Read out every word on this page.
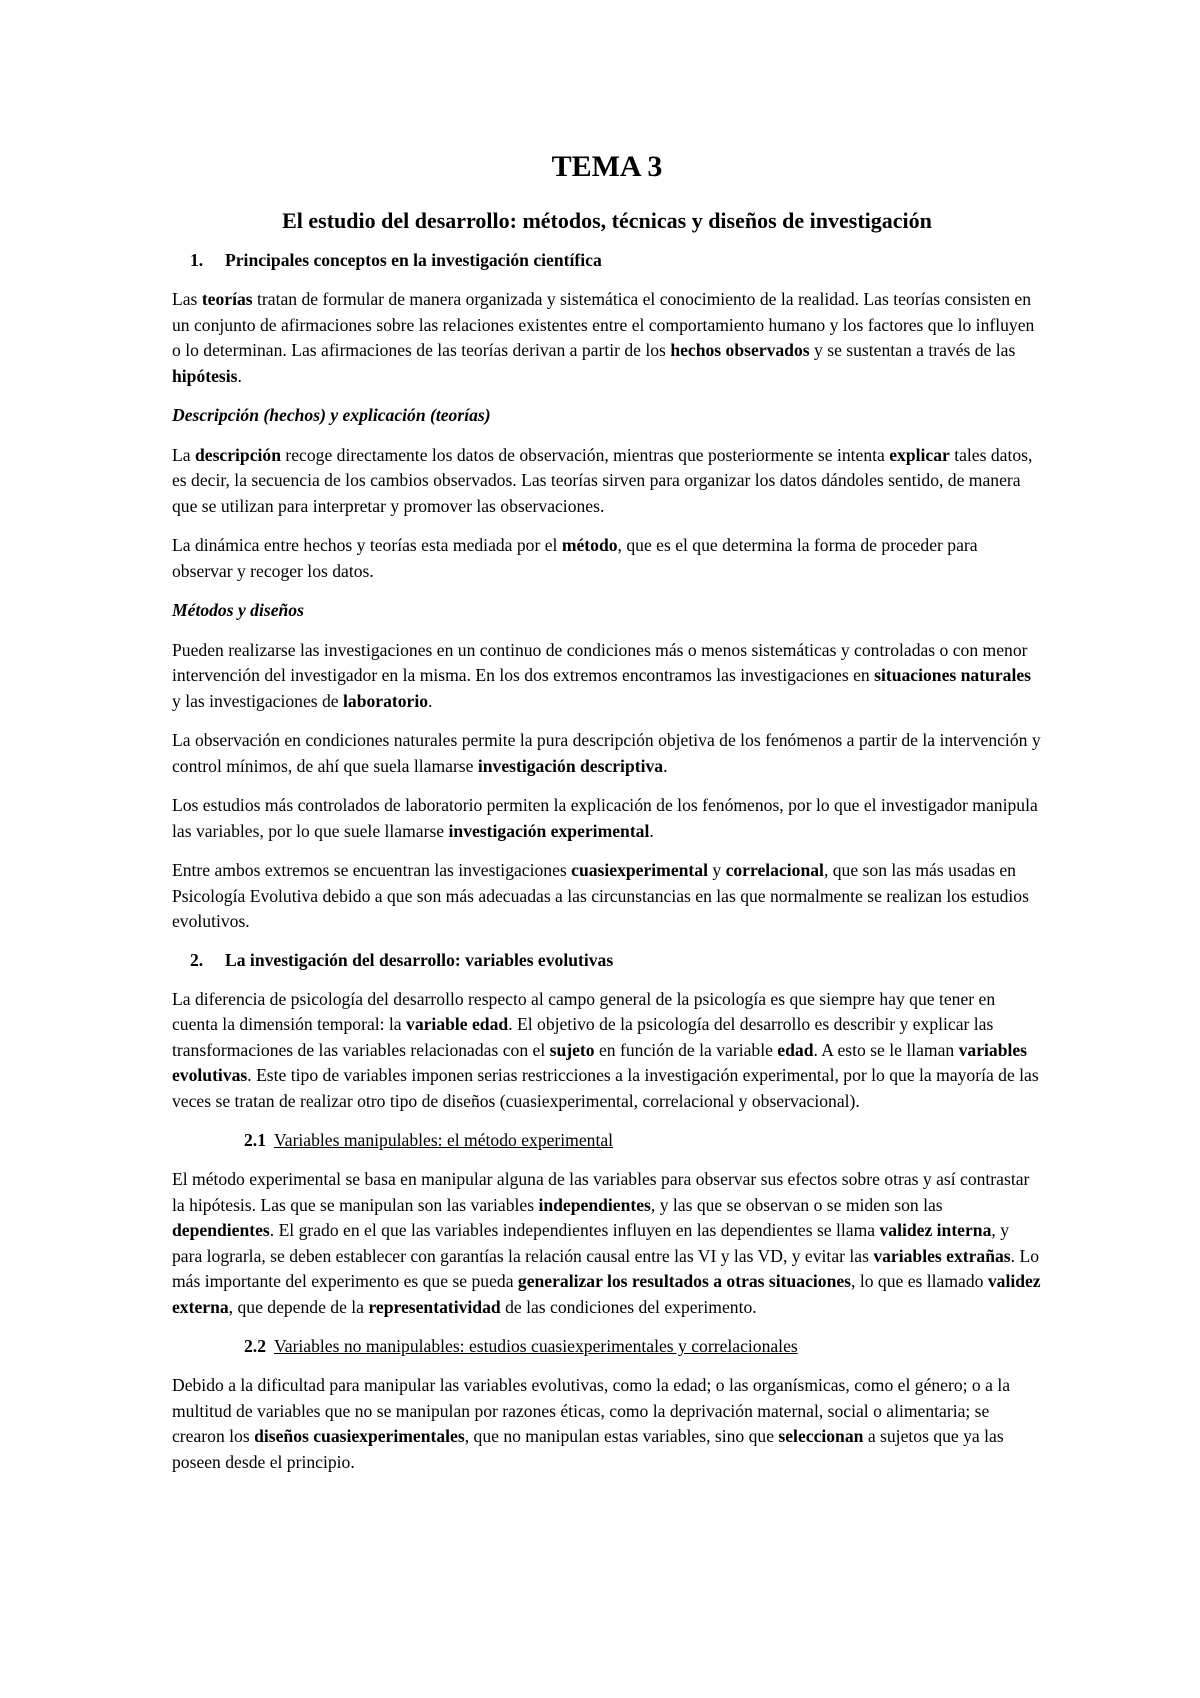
TEMA 3
El estudio del desarrollo: métodos, técnicas y diseños de investigación
1. Principales conceptos en la investigación científica

Las teorías tratan de formular de manera organizada y sistemática el conocimiento de la realidad. Las teorías consisten en un conjunto de afirmaciones sobre las relaciones existentes entre el comportamiento humano y los factores que lo influyen o lo determinan. Las afirmaciones de las teorías derivan a partir de los hechos observados y se sustentan a través de las hipótesis.

Descripción (hechos) y explicación (teorías)

La descripción recoge directamente los datos de observación, mientras que posteriormente se intenta explicar tales datos, es decir, la secuencia de los cambios observados. Las teorías sirven para organizar los datos dándoles sentido, de manera que se utilizan para interpretar y promover las observaciones.

La dinámica entre hechos y teorías esta mediada por el método, que es el que determina la forma de proceder para observar y recoger los datos.

Métodos y diseños

Pueden realizarse las investigaciones en un continuo de condiciones más o menos sistemáticas y controladas o con menor intervención del investigador en la misma. En los dos extremos encontramos las investigaciones en situaciones naturales y las investigaciones de laboratorio.

La observación en condiciones naturales permite la pura descripción objetiva de los fenómenos a partir de la intervención y control mínimos, de ahí que suela llamarse investigación descriptiva.

Los estudios más controlados de laboratorio permiten la explicación de los fenómenos, por lo que el investigador manipula las variables, por lo que suele llamarse investigación experimental.

Entre ambos extremos se encuentran las investigaciones cuasiexperimental y correlacional, que son las más usadas en Psicología Evolutiva debido a que son más adecuadas a las circunstancias en las que normalmente se realizan los estudios evolutivos.

2. La investigación del desarrollo: variables evolutivas

La diferencia de psicología del desarrollo respecto al campo general de la psicología es que siempre hay que tener en cuenta la dimensión temporal: la variable edad. El objetivo de la psicología del desarrollo es describir y explicar las transformaciones de las variables relacionadas con el sujeto en función de la variable edad. A esto se le llaman variables evolutivas. Este tipo de variables imponen serias restricciones a la investigación experimental, por lo que la mayoría de las veces se tratan de realizar otro tipo de diseños (cuasiexperimental, correlacional y observacional).

2.1 Variables manipulables: el método experimental

El método experimental se basa en manipular alguna de las variables para observar sus efectos sobre otras y así contrastar la hipótesis. Las que se manipulan son las variables independientes, y las que se observan o se miden son las dependientes. El grado en el que las variables independientes influyen en las dependientes se llama validez interna, y para lograrla, se deben establecer con garantías la relación causal entre las VI y las VD, y evitar las variables extrañas. Lo más importante del experimento es que se pueda generalizar los resultados a otras situaciones, lo que es llamado validez externa, que depende de la representatividad de las condiciones del experimento.

2.2 Variables no manipulables: estudios cuasiexperimentales y correlacionales

Debido a la dificultad para manipular las variables evolutivas, como la edad; o las organísmicas, como el género; o a la multitud de variables que no se manipulan por razones éticas, como la deprivación maternal, social o alimentaria; se crearon los diseños cuasiexperimentales, que no manipulan estas variables, sino que seleccionan a sujetos que ya las poseen desde el principio.
